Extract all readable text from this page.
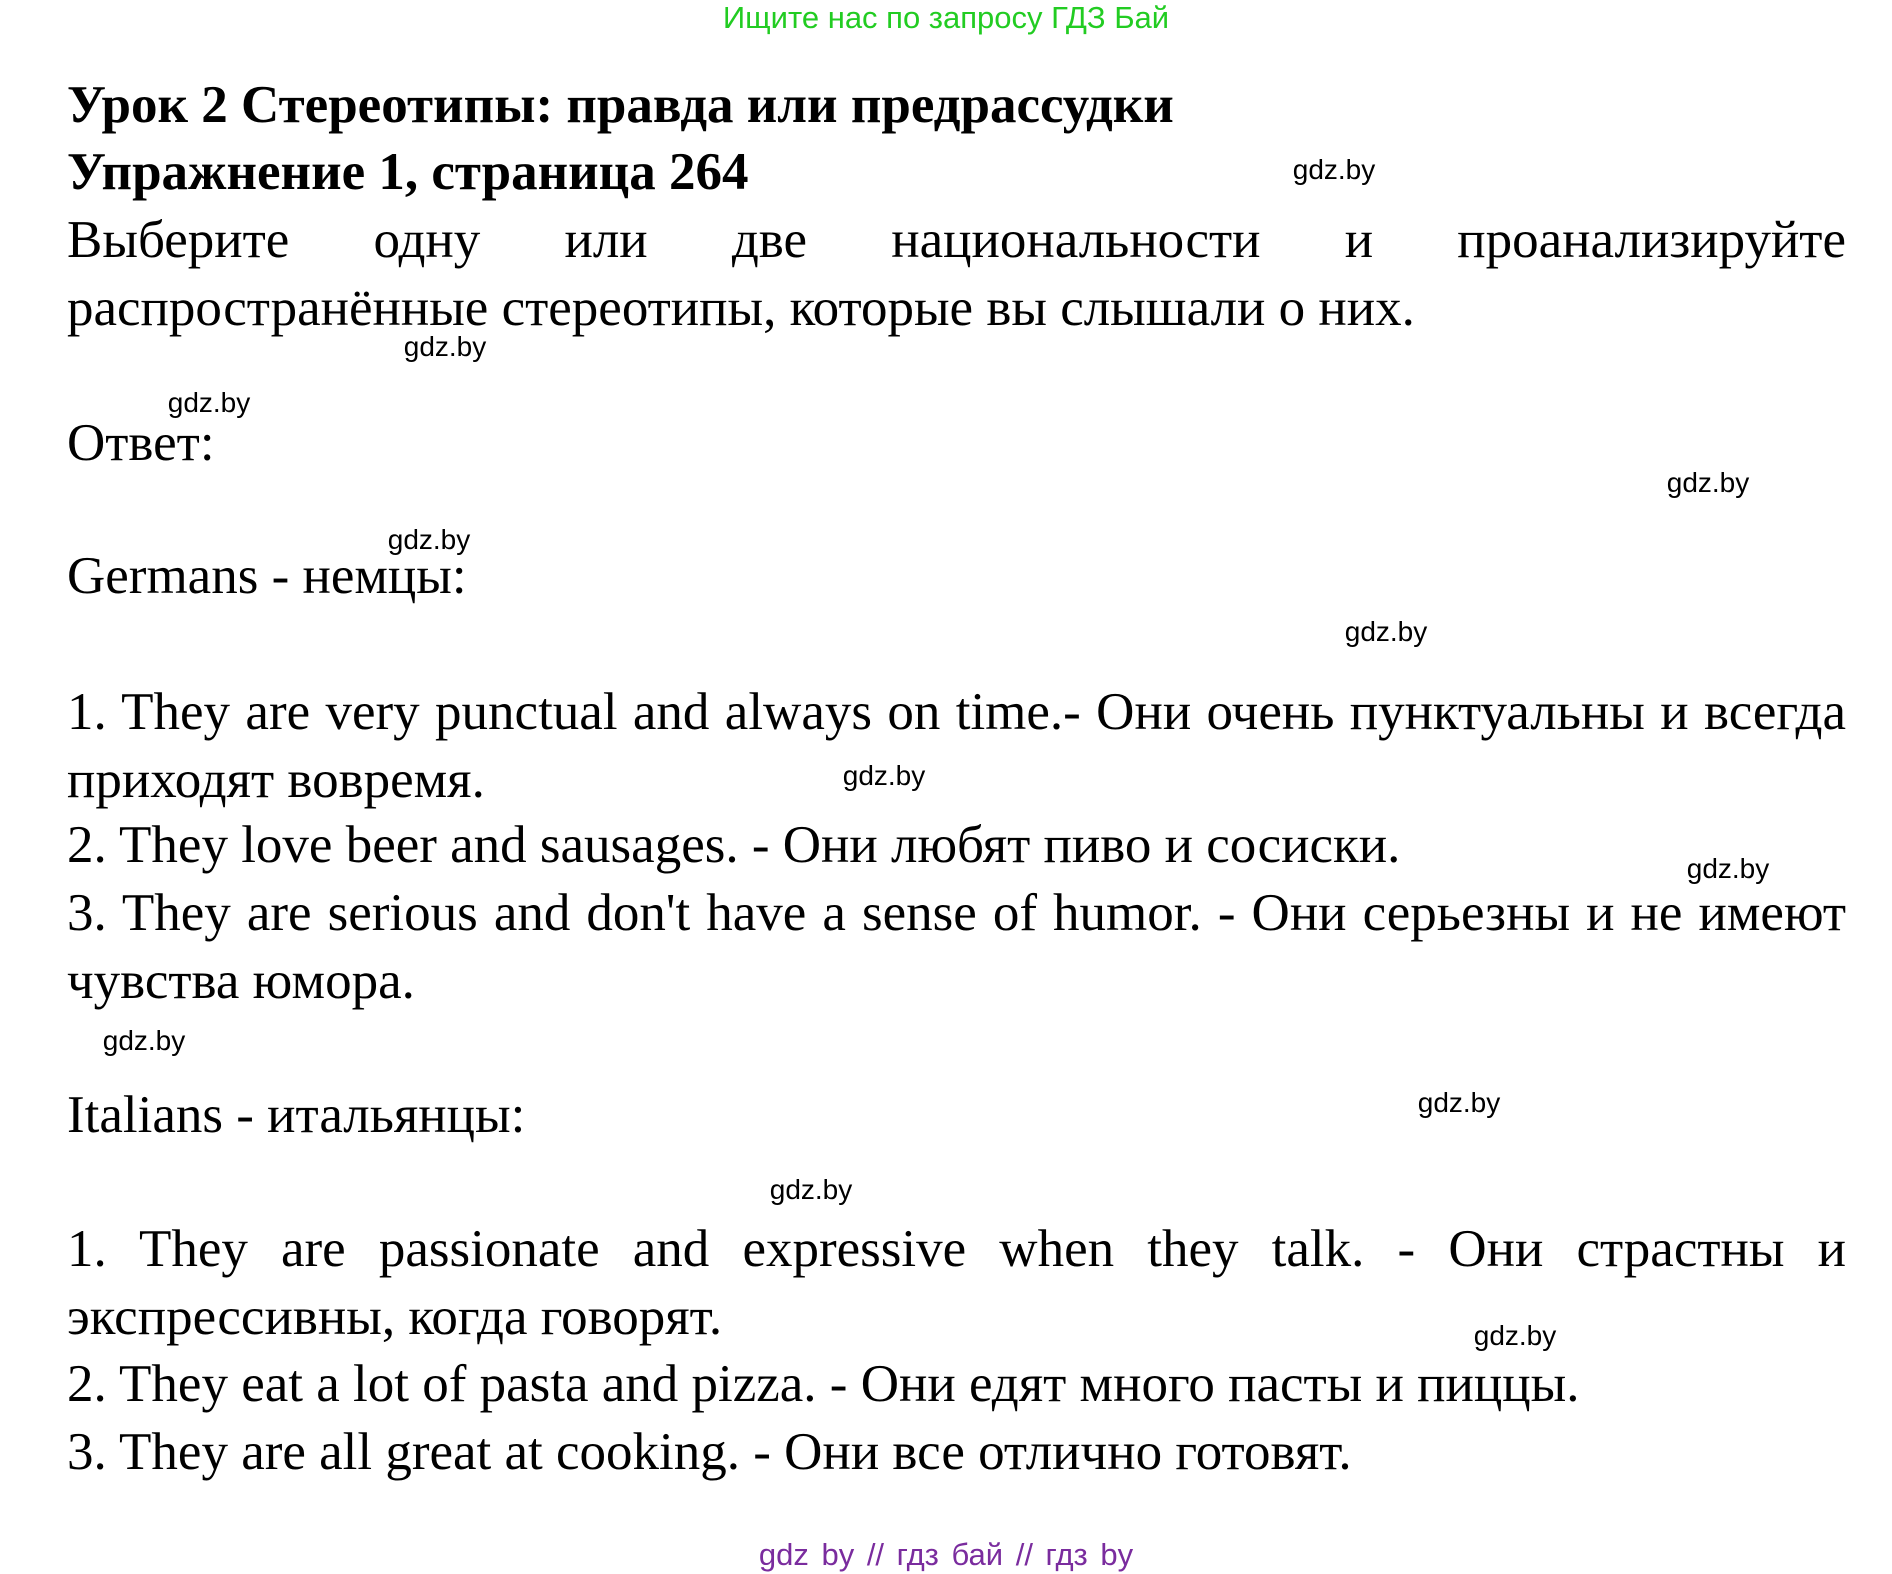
Ищите нас по запросу ГДЗ Бай
Урок 2 Стереотипы: правда или предрассудки
Упражнение 1, страница 264
Выберите одну или две национальности и проанализируйте распространённые стереотипы, которые вы слышали о них.
Ответ:
Germans - немцы:
1. They are very punctual and always on time.- Они очень пунктуальны и всегда приходят вовремя.
2. They love beer and sausages. - Они любят пиво и сосиски.
3. They are serious and don't have a sense of humor. - Они серьезны и не имеют чувства юмора.
Italians - итальянцы:
1. They are passionate and expressive when they talk. - Они страстны и экспрессивны, когда говорят.
2. They eat a lot of pasta and pizza. - Они едят много пасты и пиццы.
3. They are all great at cooking. - Они все отлично готовят.
gdz.by
gdz.by
gdz.by
gdz.by
gdz.by
gdz.by
gdz.by
gdz.by
gdz.by
gdz.by
gdz.by
gdz.by
gdz by // гдз бай // гдз by
